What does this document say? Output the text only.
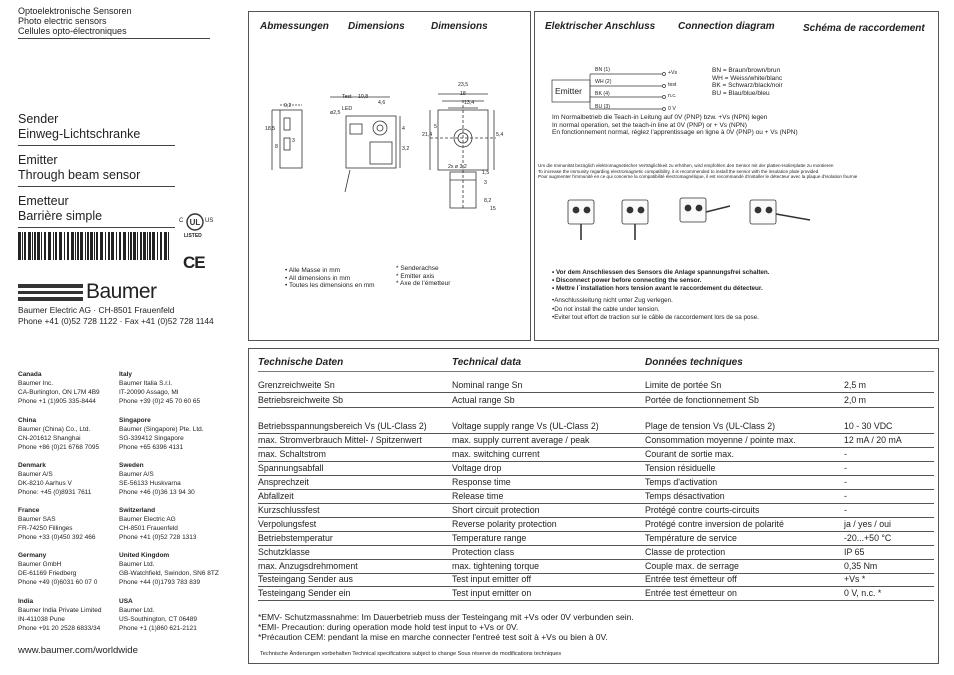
Optoelektronische Sensoren
Photo electric sensors
Cellules opto-électroniques
Sender
Einweg-Lichtschranke
Emitter
Through beam sensor
Emetteur
Barrière simple	UL
C	US
LISTED
CE
Baumer
Baumer Electric AG · CH-8501 Frauenfeld
Phone +41 (0)52 728 1122 · Fax +41 (0)52 728 1144
Canada
Baumer Inc.
CA-Burlington, ON L7M 4B9
Phone +1 (1)905 335-8444
Italy
Baumer Italia S.r.l.
IT-20090 Assago, MI
Phone +39 (0)2 45 70 60 65
China
Baumer (China) Co., Ltd.
CN-201612 Shanghai
Phone +86 (0)21 6768 7095
Singapore
Baumer (Singapore) Pte. Ltd.
SG-339412 Singapore
Phone +65 6396 4131
Denmark
Baumer A/S
DK-8210 Aarhus V
Phone: +45 (0)8931 7611
Sweden
Baumer A/S
SE-56133 Huskvarna
Phone +46 (0)36 13 94 30
France
Baumer SAS
FR-74250 Fillinges
Phone +33 (0)450 392 466
Switzerland
Baumer Electric AG
CH-8501 Frauenfeld
Phone +41 (0)52 728 1313
Germany
Baumer GmbH
DE-61169 Friedberg
Phone +49 (0)6031 60 07 0
United Kingdom
Baumer Ltd.
GB-Watchfield, Swindon, SN6 8TZ
Phone +44 (0)1793 783 839
India
Baumer India Private Limited
IN-411038 Pune
Phone +91 20 2528 6833/34
USA
Baumer Ltd.
US-Southington, CT 06489
Phone +1 (1)860 621-2121
www.baumer.com/worldwide
Abmessungen Dimensions	Dimensions
Test
LED
10,8
9,2	4,6
18,5
8
ø2,5
4
23,5
18
13,4
21,4
5
5,4
1,5
3
8,2
15
3
3,2
2x ø 3,2
• Alle Masse in mm
• All dimensions in mm
• Toutes les dimensions en mm
* Senderachse
* Emitter axis
* Axe de l'émetteur
Elektrischer Anschluss Connection diagram	Schéma de raccordement
Emitter
BN (1)
WH (2)
BK (4)
BU (3)
+Vs
test
n.c.
0 V
BN = Braun/brown/brun
WH = Weiss/white/blanc
BK = Schwarz/black/noir
BU = Blau/blue/bleu
Im Normalbetrieb die Teach-in Leitung auf 0V (PNP) bzw. +Vs (NPN) legen
In normal operation, set the teach-in line at 0V (PNP) or + Vs (NPN)
En fonctionnement normal, réglez l'apprentissage en ligne à 0V (PNP) ou + Vs (NPN)
Um die Immunität bezüglich elektromagnetischer Verträglichkeit zu erhöhen, wird empfohlen den Sensor mit der platten-Isolierplatte zu montieren
To increase the immunity regarding electromagnetic compatibility, it is recommended to install the sensor with the insulation plate provided
Pour augmenter l'immunité en ce qui concerne la compatibilité électromagnétique, il est recommandé d'installer le détecteur avec la plaque d'isolation fournie
• Vor dem Anschliessen des Sensors die Anlage spannungsfrei schalten.
• Disconnect power before connecting the sensor.
• Mettre l´installation hors tension avant le raccordement du détecteur.
•Anschlussleitung nicht unter Zug verlegen.
•Do not install the cable under tension.
•Eviter tout effort de traction sur le câble de raccordement lors de sa pose.
Technische Daten	Technical data	Données techniques
Grenzreichweite Sn	Nominal range Sn	Limite de portée Sn	2,5 m
Betriebsreichweite Sb	Actual range Sb	Portée de fonctionnement Sb	2,0 m
Betriebsspannungsbereich Vs (UL-Class 2)	Voltage supply range Vs (UL-Class 2)	Plage de tension Vs (UL-Class 2)	10 - 30 VDC
max. Stromverbrauch Mittel- / Spitzenwert	max. supply current average / peak	Consommation moyenne / pointe max.	12 mA / 20 mA
max. Schaltstrom	max. switching current	Courant de sortie max.	-
Spannungsabfall	Voltage drop	Tension résiduelle	-
Ansprechzeit	Response time	Temps d'activation	-
Abfallzeit	Release time	Temps désactivation	-
Kurzschlussfest	Short circuit protection	Protégé contre courts-circuits	-
Verpolungsfest	Reverse polarity protection	Protégé contre inversion de polarité	ja / yes / oui
Betriebstemperatur	Temperature range	Température de service	-20...+50 °C
Schutzklasse	Protection class	Classe de protection	IP 65
max. Anzugsdrehmoment	max. tightening torque	Couple max. de serrage	0,35 Nm
Testeingang Sender aus	Test input emitter off	Entrée test émetteur off	+Vs *
Testeingang Sender ein	Test input emitter on	Entrée test émetteur on	0 V, n.c. *
*EMV- Schutzmassnahme: Im Dauerbetrieb muss der Testeingang mit +Vs oder 0V verbunden sein.
*EMI- Precaution: during operation mode hold test input to +Vs or 0V.
*Précaution CEM: pendant la mise en marche connecter l'entreé test soit à +Vs ou bien à 0V.
Technische Änderungen vorbehalten Technical specifications subject to change Sous réserve de modifications techniques
